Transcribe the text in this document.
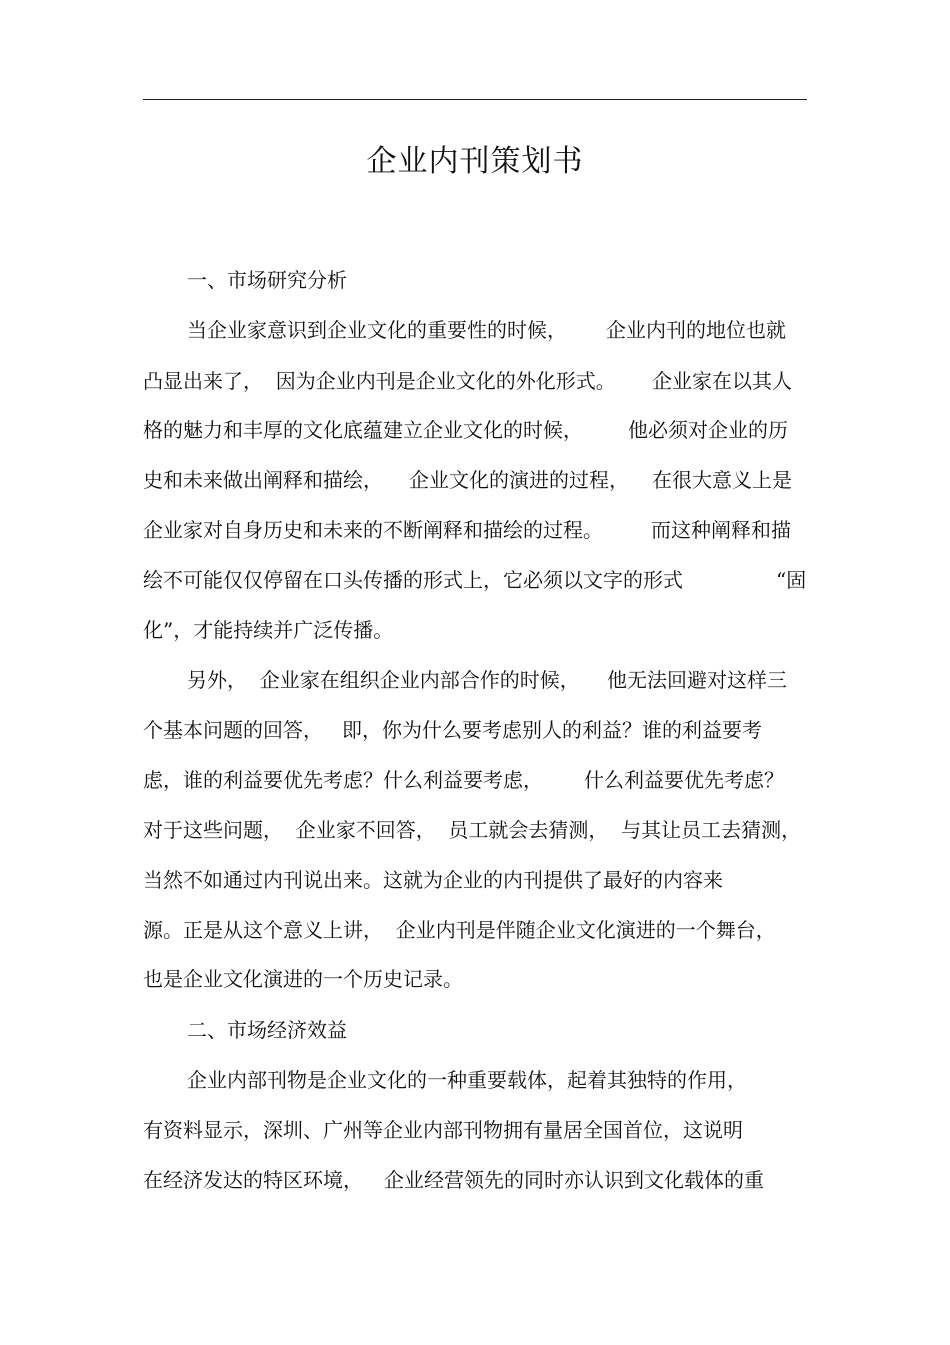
企业内刊策划书

一、市场研究分析

当企业家意识到企业文化的重要性的时候， 企业内刊的地位也就

凸显出来了，  因为企业内刊是企业文化的外化形式。 企业家在以其人

格的魅力和丰厚的文化底蕴建立企业文化的时候， 他必须对企业的历

史和未来做出阐释和描绘， 企业文化的演进的过程， 在很大意义上是

企业家对自身历史和未来的不断阐释和描绘的过程。 而这种阐释和描

绘不可能仅仅停留在口头传播的形式上，它必须以文字的形式	“固

化”，才能持续并广泛传播。

另外，  企业家在组织企业内部合作的时候， 他无法回避对这样三

个基本问题的回答， 即，你为什么要考虑别人的利益？谁的利益要考

虑，谁的利益要优先考虑？什么利益要考虑， 什么利益要优先考虑？

对于这些问题，  企业家不回答，  员工就会去猜测，  与其让员工去猜测，

当然不如通过内刊说出来。这就为企业的内刊提供了最好的内容来

源。正是从这个意义上讲，  企业内刊是伴随企业文化演进的一个舞台，

也是企业文化演进的一个历史记录。

二、市场经济效益

企业内部刊物是企业文化的一种重要载体，起着其独特的作用，

有资料显示，深圳、广州等企业内部刊物拥有量居全国首位，这说明

在经济发达的特区环境， 企业经营领先的同时亦认识到文化载体的重
